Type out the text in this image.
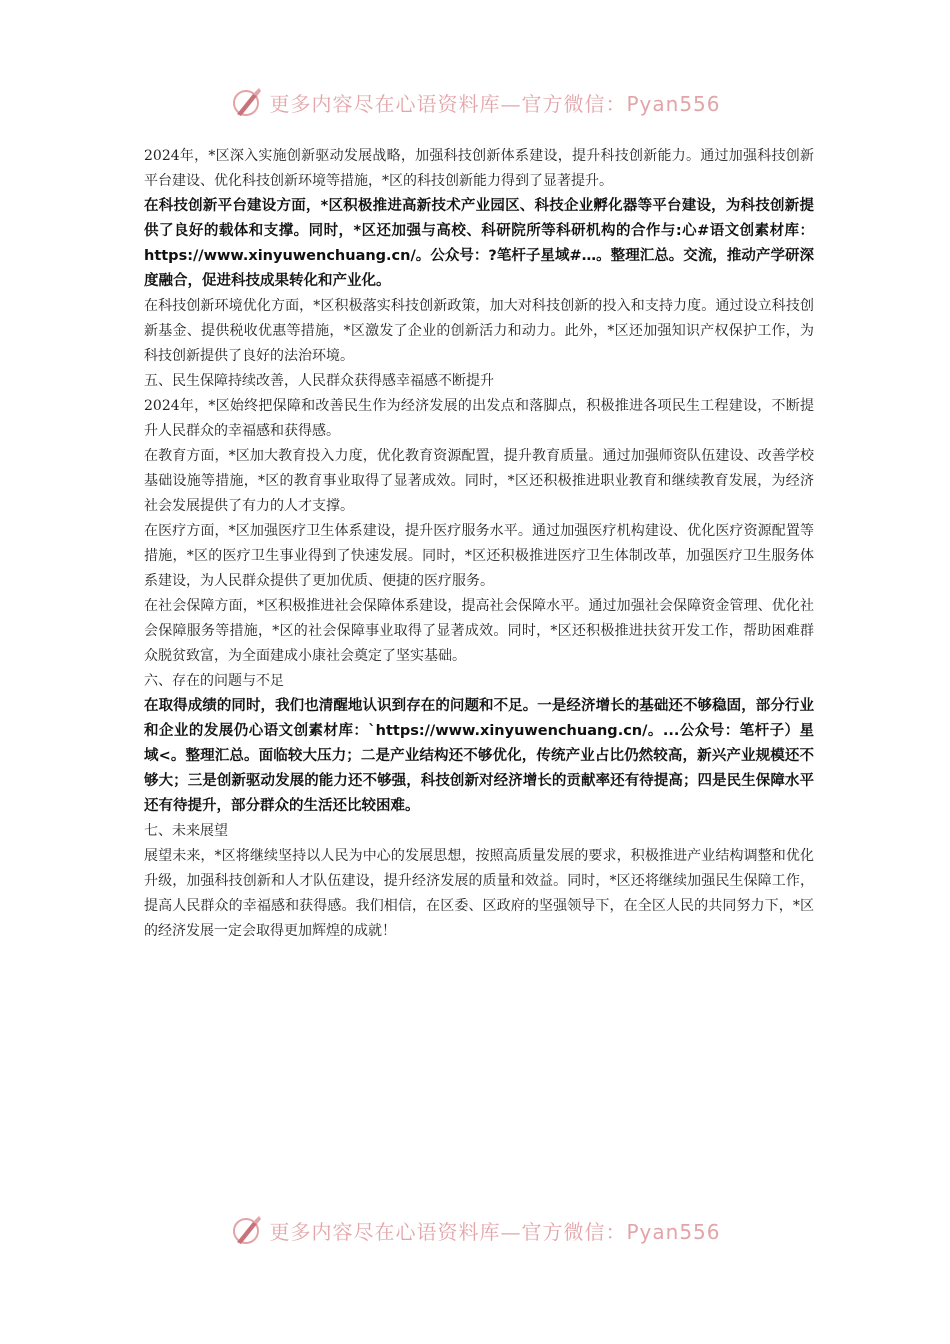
更多内容尽在心语资料库—官方微信：Pyan556

2024年，*区深入实施创新驱动发展战略，加强科技创新体系建设，提升科技创新能力。通过加强科技创新平台建设、优化科技创新环境等措施，*区的科技创新能力得到了显著提升。

在科技创新平台建设方面，*区积极推进高新技术产业园区、科技企业孵化器等平台建设，为科技创新提供了良好的载体和支撑。同时，*区还加强与高校、科研院所等科研机构的合作与:心#语文创素材库：https://www.xinyuwenchuang.cn/。公众号：?笔杆子星域#…。整理汇总。交流，推动产学研深度融合，促进科技成果转化和产业化。

在科技创新环境优化方面，*区积极落实科技创新政策，加大对科技创新的投入和支持力度。通过设立科技创新基金、提供税收优惠等措施，*区激发了企业的创新活力和动力。此外，*区还加强知识产权保护工作，为科技创新提供了良好的法治环境。

五、民生保障持续改善，人民群众获得感幸福感不断提升

2024年，*区始终把保障和改善民生作为经济发展的出发点和落脚点，积极推进各项民生工程建设，不断提升人民群众的幸福感和获得感。

在教育方面，*区加大教育投入力度，优化教育资源配置，提升教育质量。通过加强师资队伍建设、改善学校基础设施等措施，*区的教育事业取得了显著成效。同时，*区还积极推进职业教育和继续教育发展，为经济社会发展提供了有力的人才支撑。

在医疗方面，*区加强医疗卫生体系建设，提升医疗服务水平。通过加强医疗机构建设、优化医疗资源配置等措施，*区的医疗卫生事业得到了快速发展。同时，*区还积极推进医疗卫生体制改革，加强医疗卫生服务体系建设，为人民群众提供了更加优质、便捷的医疗服务。

在社会保障方面，*区积极推进社会保障体系建设，提高社会保障水平。通过加强社会保障资金管理、优化社会保障服务等措施，*区的社会保障事业取得了显著成效。同时，*区还积极推进扶贫开发工作，帮助困难群众脱贫致富，为全面建成小康社会奠定了坚实基础。

六、存在的问题与不足

在取得成绩的同时，我们也清醒地认识到存在的问题和不足。一是经济增长的基础还不够稳固，部分行业和企业的发展仍心语文创素材库：`https://www.xinyuwenchuang.cn/。...公众号：笔杆子）星域<。整理汇总。面临较大压力；二是产业结构还不够优化，传统产业占比仍然较高，新兴产业规模还不够大；三是创新驱动发展的能力还不够强，科技创新对经济增长的贡献率还有待提高；四是民生保障水平还有待提升，部分群众的生活还比较困难。

七、未来展望

展望未来，*区将继续坚持以人民为中心的发展思想，按照高质量发展的要求，积极推进产业结构调整和优化升级，加强科技创新和人才队伍建设，提升经济发展的质量和效益。同时，*区还将继续加强民生保障工作，提高人民群众的幸福感和获得感。我们相信，在区委、区政府的坚强领导下，在全区人民的共同努力下，*区的经济发展一定会取得更加辉煌的成就！

更多内容尽在心语资料库—官方微信：Pyan556
